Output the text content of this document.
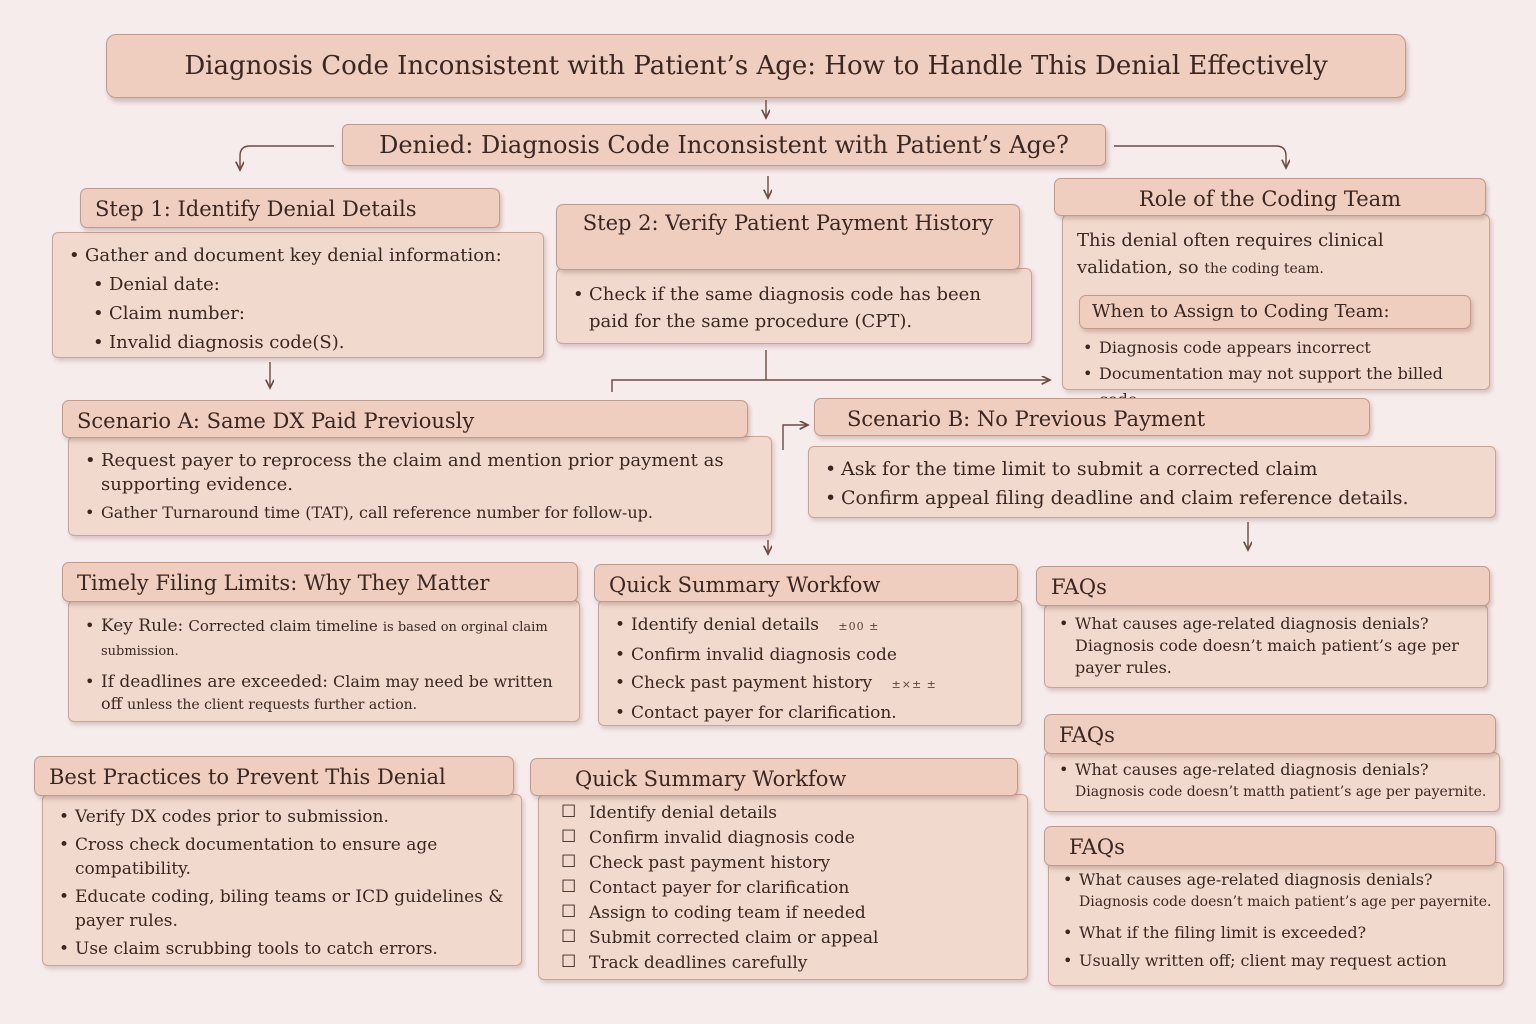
Diagnosis Code Inconsistent with Patient’s Age: How to Handle This Denial Effectively
Denied: Diagnosis Code Inconsistent with Patient’s Age?
• Gather and document key denial information:
• Denial date:
• Claim number:
• Invalid diagnosis code(S).
Step 1: Identify Denial Details
• Check if the same diagnosis code has been paid for the same procedure (CPT).
Step 2: Verify Patient Payment History
This denial often requires clinical validation, so the coding team.
When to Assign to Coding Team:
• Diagnosis code appears incorrect
• Documentation may not support the billed
Role of the Coding Team
• Request payer to reprocess the claim and mention prior payment as supporting evidence.
• Gather Turnaround time (TAT), call reference number for follow-up.
Scenario A: Same DX Paid Previously
• Ask for the time limit to submit a corrected claim
• Confirm appeal filing deadline and claim reference details.
Scenario B: No Previous Payment
• Key Rule: Corrected claim timeline is based on orginal claim submission.
• If deadlines are exceeded: Claim may need be written off unless the client requests further action.
Timely Filing Limits: Why They Matter
• Identify denial details ±00 ±
• Confirm invalid diagnosis code
• Check past payment history ±×± ±
• Contact payer for clarification.
Quick Summary Workfow
• What causes age-related diagnosis denials?
Diagnosis code doesn’t maich patient’s age per payer rules.
FAQs
• What causes age-related diagnosis denials?
Diagnosis code doesn’t matth patient’s age per payernite.
FAQs
• Verify DX codes prior to submission.
• Cross check documentation to ensure age compatibility.
• Educate coding, biling teams or ICD guidelines & payer rules.
• Use claim scrubbing tools to catch errors.
Best Practices to Prevent This Denial
☐ Identify denial details
☐ Confirm invalid diagnosis code
☐ Check past payment history
☐ Contact payer for clarification
☐ Assign to coding team if needed
☐ Submit corrected claim or appeal
☐ Track deadlines carefully
Quick Summary Workfow
• What causes age-related diagnosis denials?
Diagnosis code doesn’t maich patient’s age per payernite.
• What if the filing limit is exceeded?
• Usually written off; client may request action
FAQs
